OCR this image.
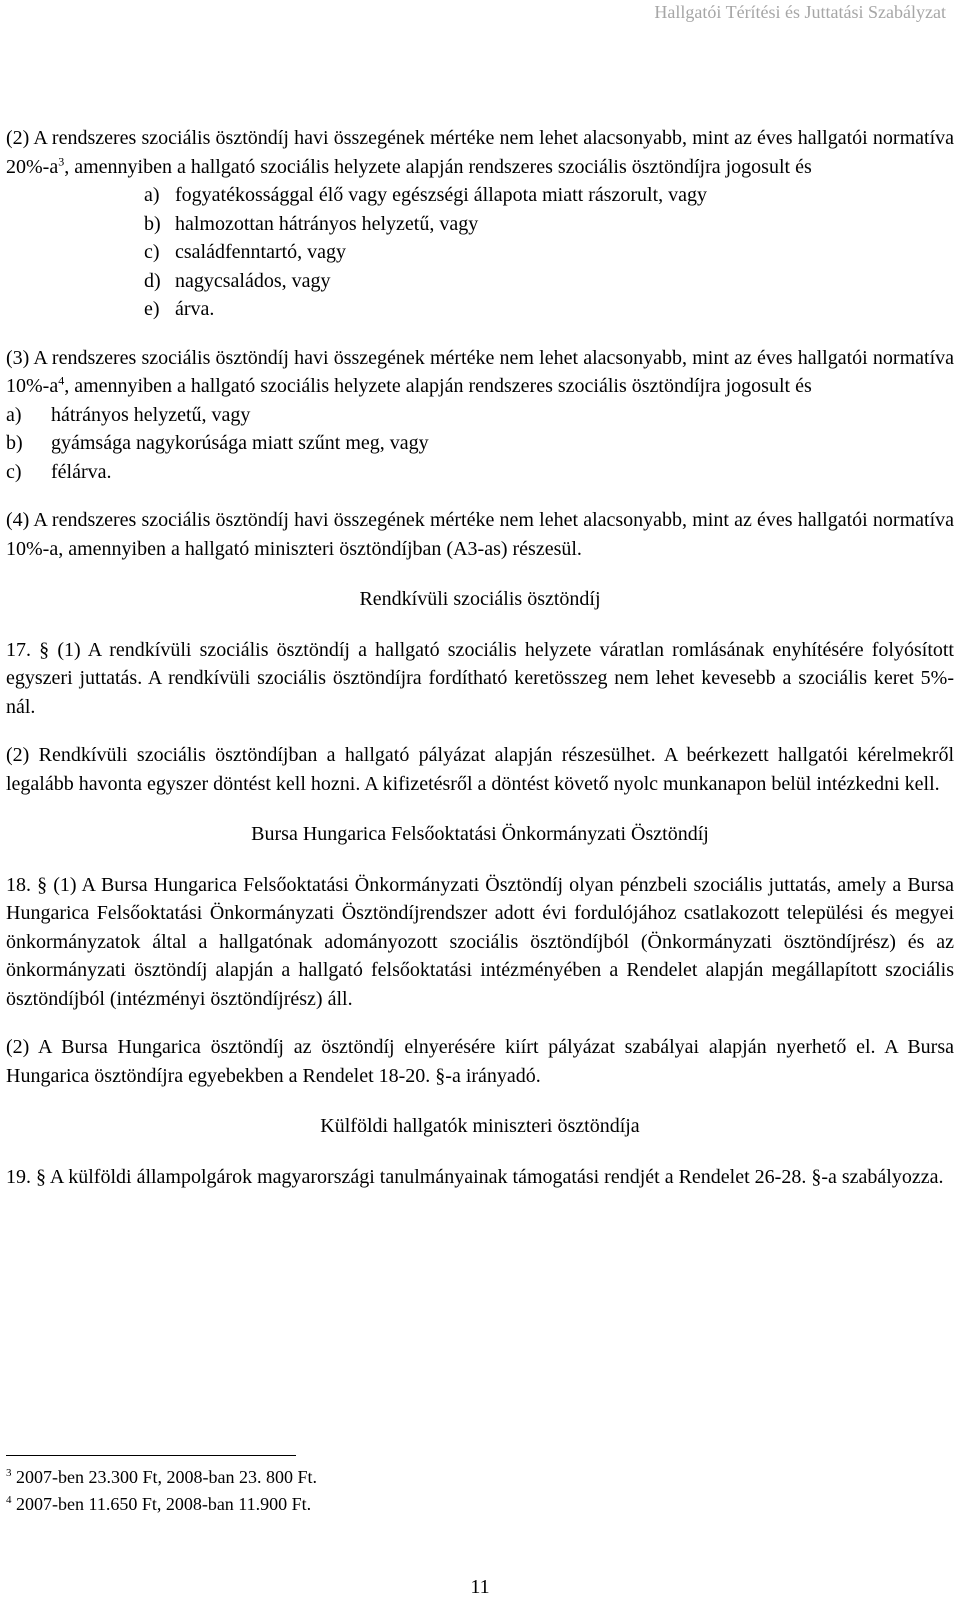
Hallgatói Térítési és Juttatási Szabályzat

(2) A rendszeres szociális ösztöndíj havi összegének mértéke nem lehet alacsonyabb, mint az éves hallgatói normatíva $20\%-a^3$, amennyiben a hallgató szociális helyzete alapján rendszeres szociális ösztöndíjra jogosult és

a) fogyatékossággal élő vagy egészségi állapota miatt rászorult, vagy
b) halmozottan hátrányos helyzetű, vagy
c) családfenntartó, vagy
d) nagycsaládos, vagy
e) árva.

(3) A rendszeres szociális ösztöndíj havi összegének mértéke nem lehet alacsonyabb, mint az éves hallgatói normatíva $10\%-a^4$, amennyiben a hallgató szociális helyzete alapján rendszeres szociális ösztöndíjra jogosult és

a)	hátrányos helyzetű, vagy
b)	gyámsága nagykorúsága miatt szűnt meg, vagy
c)	félárva.

(4) A rendszeres szociális ösztöndíj havi összegének mértéke nem lehet alacsonyabb, mint az éves hallgatói normatíva 10%-a, amennyiben a hallgató miniszteri ösztöndíjban (A3-as) részesül.

Rendkívüli szociális ösztöndíj

17. § (1) A rendkívüli szociális ösztöndíj a hallgató szociális helyzete váratlan romlásának enyhítésére folyósított egyszeri juttatás. A rendkívüli szociális ösztöndíjra fordítható keretösszeg nem lehet kevesebb a szociális keret 5%-nál.

(2) Rendkívüli szociális ösztöndíjban a hallgató pályázat alapján részesülhet. A beérkezett hallgatói kérelmekről legalább havonta egyszer döntést kell hozni. A kifizetésről a döntést követő nyolc munkanapon belül intézkedni kell.

Bursa Hungarica Felsőoktatási Önkormányzati Ösztöndíj

18. § (1) A Bursa Hungarica Felsőoktatási Önkormányzati Ösztöndíj olyan pénzbeli szociális juttatás, amely a Bursa Hungarica Felsőoktatási Önkormányzati Ösztöndíjrendszer adott évi fordulójához csatlakozott települési és megyei önkormányzatok által a hallgatónak adományozott szociális ösztöndíjból (Önkormányzati ösztöndíjrész) és az önkormányzati ösztöndíj alapján a hallgató felsőoktatási intézményében a Rendelet alapján megállapított szociális ösztöndíjból (intézményi ösztöndíjrész) áll.

(2) A Bursa Hungarica ösztöndíj az ösztöndíj elnyerésére kiírt pályázat szabályai alapján nyerhető el. A Bursa Hungarica ösztöndíjra egyebekben a Rendelet 18-20. §-a irányadó.

Külföldi hallgatók miniszteri ösztöndíja

19. § A külföldi állampolgárok magyarországi tanulmányainak támogatási rendjét a Rendelet 26-28. §-a szabályozza.

$^3$ 2007-ben 23.300 Ft, 2008-ban 23. 800 Ft.
$^4$ 2007-ben 11.650 Ft, 2008-ban 11.900 Ft.
11
